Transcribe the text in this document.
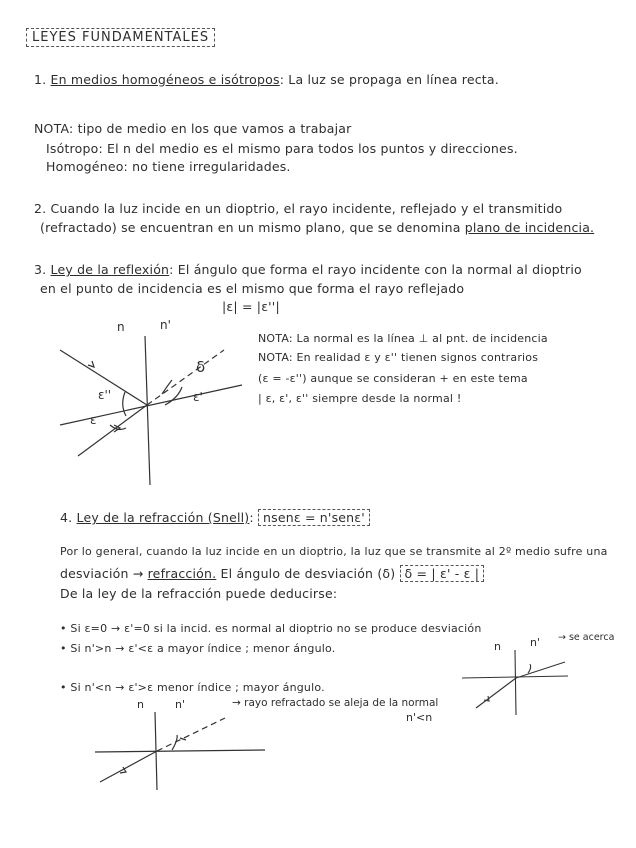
LEYES FUNDAMENTALES
1. En medios homogéneos e isótropos: La luz se propaga en línea recta.
NOTA: tipo de medio en los que vamos a trabajar
Isótropo: El n del medio es el mismo para todos los puntos y direcciones.
Homogéneo: no tiene irregularidades.
2. Cuando la luz incide en un dioptrio, el rayo incidente, reflejado y el transmitido
(refractado) se encuentran en un mismo plano, que se denomina plano de incidencia.
3. Ley de la reflexión: El ángulo que forma el rayo incidente con la normal al dioptrio
en el punto de incidencia es el mismo que forma el rayo reflejado
|ε| = |ε''|
n	n'
ε''
ε
ε'
δ
NOTA: La normal es la línea ⊥ al pnt. de incidencia
NOTA: En realidad ε y ε'' tienen signos contrarios
(ε = -ε'') aunque se consideran + en este tema
| ε, ε', ε'' siempre desde la normal !
4. Ley de la refracción (Snell): nsenε = n'senε'
Por lo general, cuando la luz incide en un dioptrio, la luz que se transmite al 2º medio sufre una
desviación → refracción. El ángulo de desviación (δ) δ = | ε' - ε |
De la ley de la refracción puede deducirse:
• Si ε=0 → ε'=0 si la incid. es normal al dioptrio no se produce desviación
• Si n'>n → ε'<ε a mayor índice ; menor ángulo.
• Si n'<n → ε'>ε menor índice ; mayor ángulo.
n	n' → se acerca
n	n'	→ rayo refractado se aleja de la normal
n'<n
